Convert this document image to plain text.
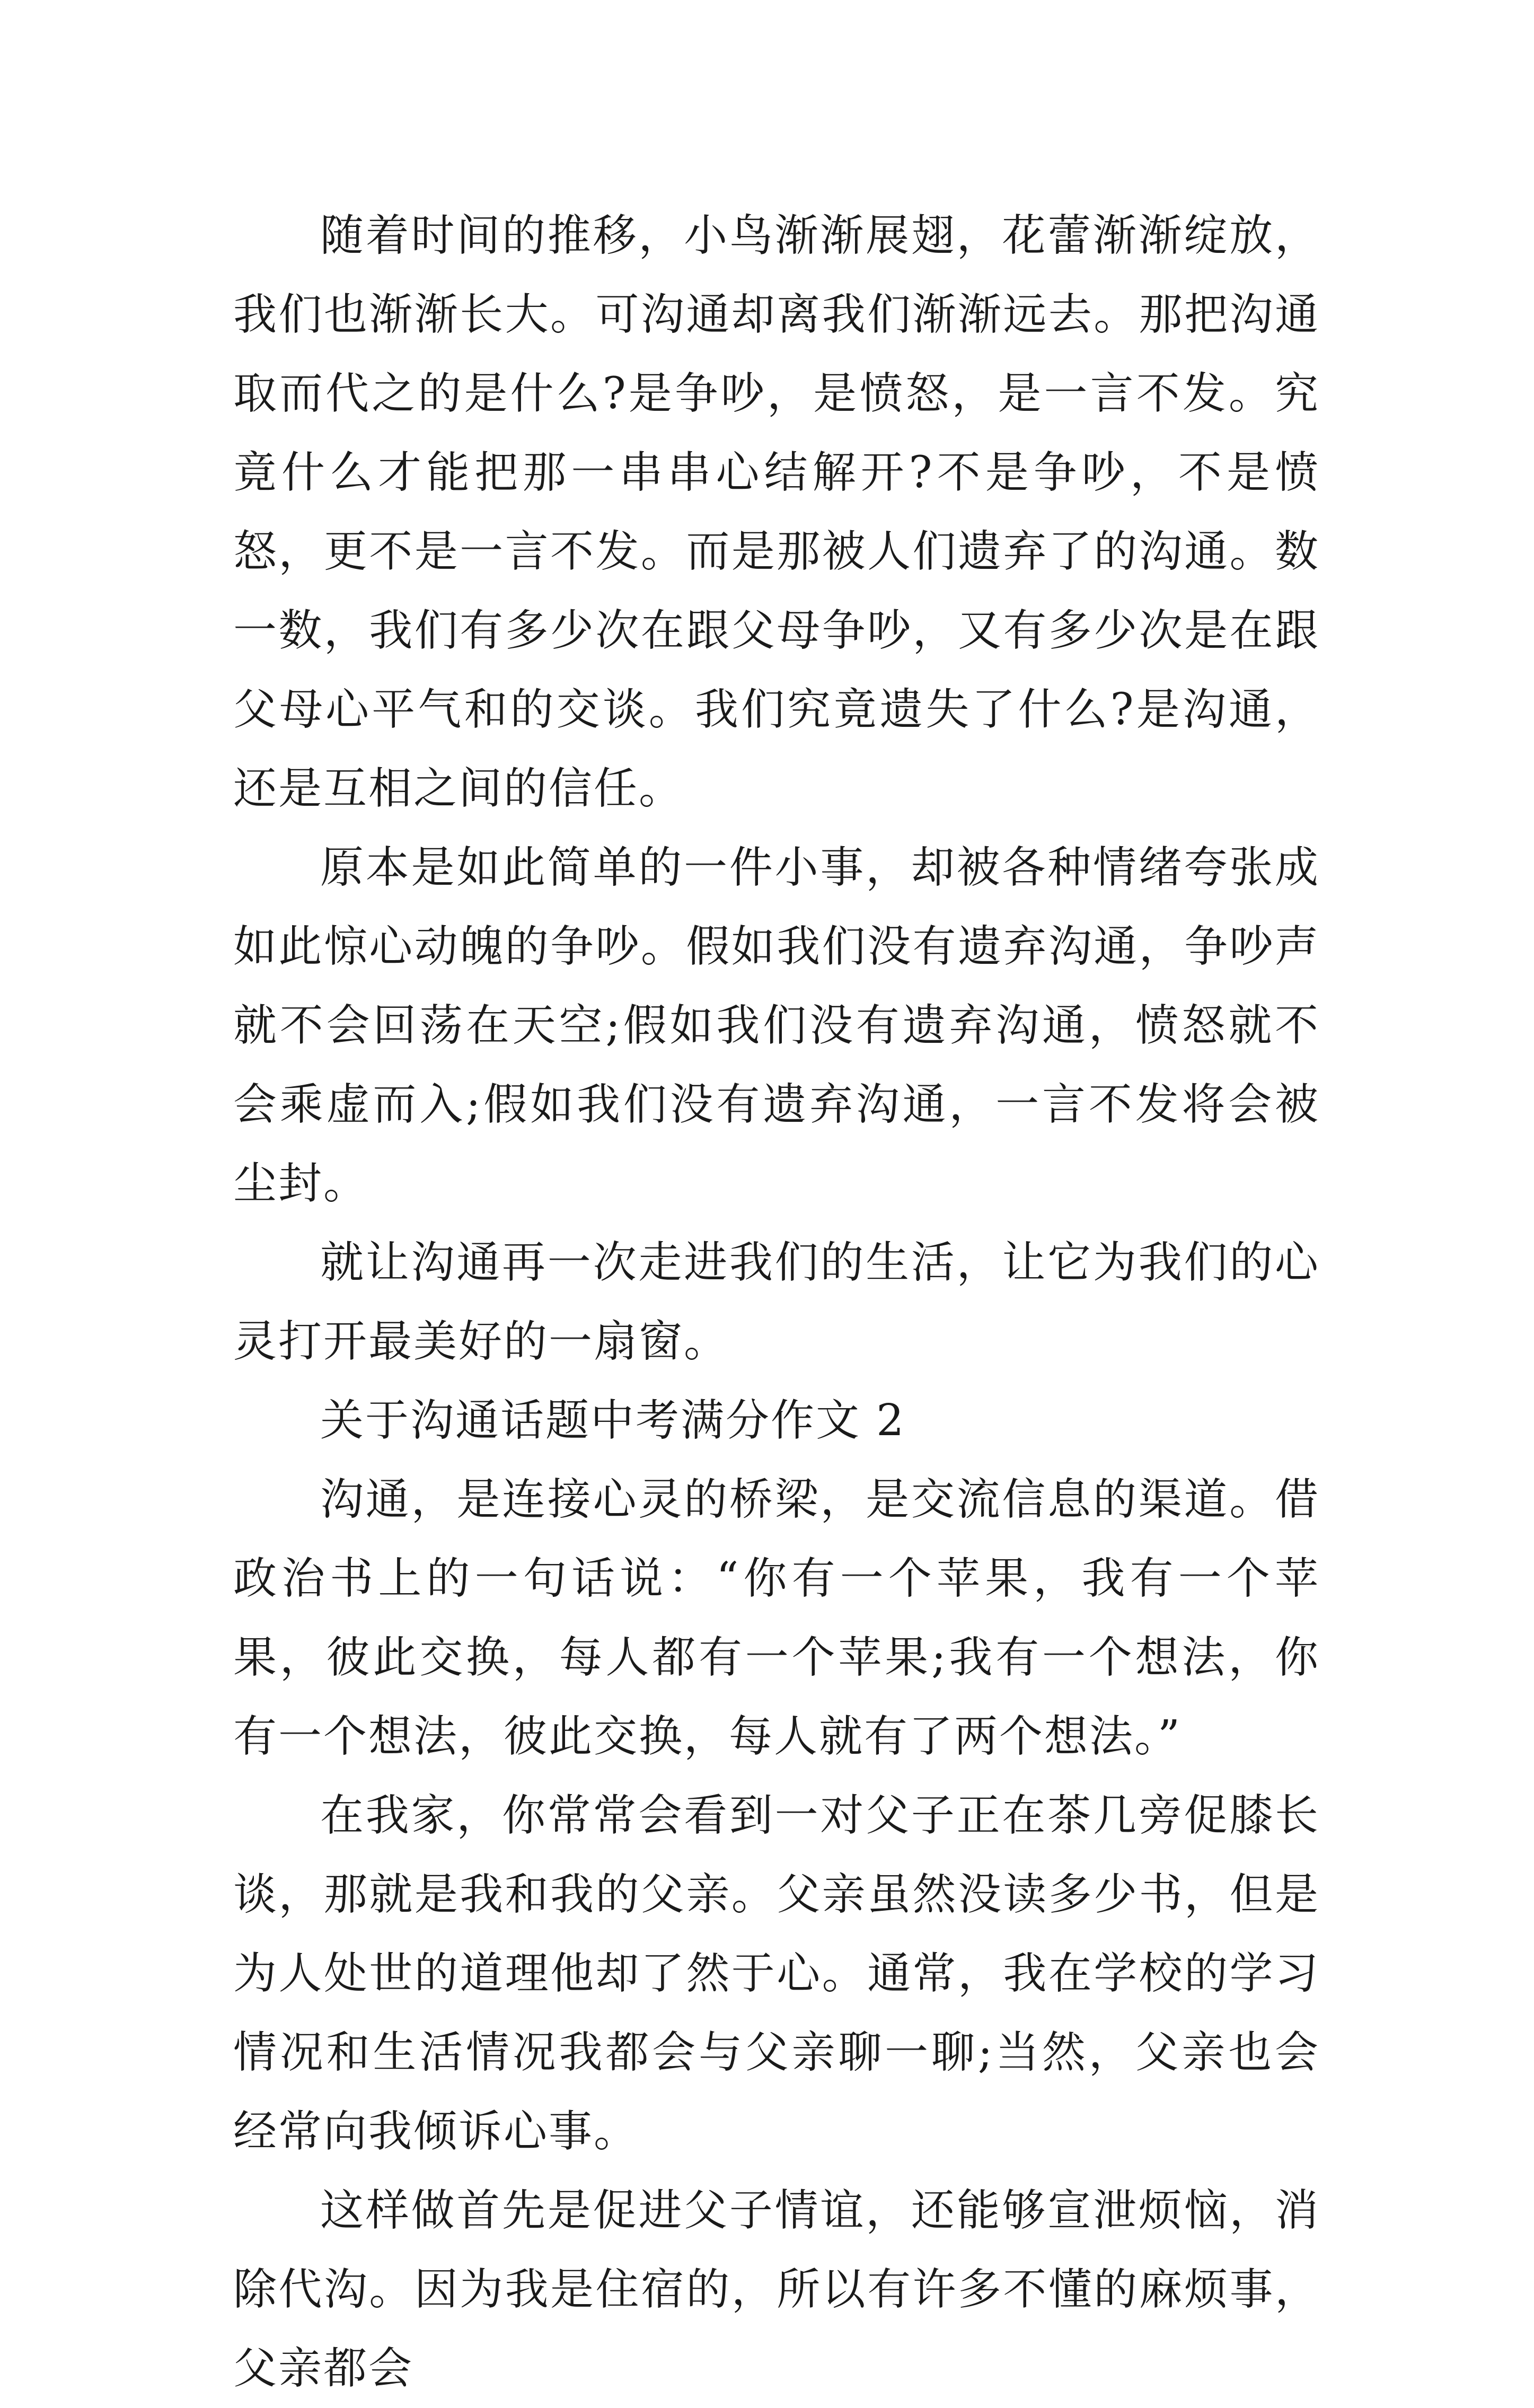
随着时间的推移，小鸟渐渐展翅，花蕾渐渐绽放，我们也渐渐长大。可沟通却离我们渐渐远去。那把沟通取而代之的是什么?是争吵，是愤怒，是一言不发。究竟什么才能把那一串串心结解开?不是争吵，不是愤怒，更不是一言不发。而是那被人们遗弃了的沟通。数一数，我们有多少次在跟父母争吵，又有多少次是在跟父母心平气和的交谈。我们究竟遗失了什么?是沟通，还是互相之间的信任。

原本是如此简单的一件小事，却被各种情绪夸张成如此惊心动魄的争吵。假如我们没有遗弃沟通，争吵声就不会回荡在天空;假如我们没有遗弃沟通，愤怒就不会乘虚而入;假如我们没有遗弃沟通，一言不发将会被尘封。

就让沟通再一次走进我们的生活，让它为我们的心灵打开最美好的一扇窗。

关于沟通话题中考满分作文 2

沟通，是连接心灵的桥梁，是交流信息的渠道。借政治书上的一句话说：“你有一个苹果，我有一个苹果，彼此交换，每人都有一个苹果;我有一个想法，你有一个想法，彼此交换，每人就有了两个想法。”

在我家，你常常会看到一对父子正在茶几旁促膝长谈，那就是我和我的父亲。父亲虽然没读多少书，但是为人处世的道理他却了然于心。通常，我在学校的学习情况和生活情况我都会与父亲聊一聊;当然，父亲也会经常向我倾诉心事。

这样做首先是促进父子情谊，还能够宣泄烦恼，消除代沟。因为我是住宿的，所以有许多不懂的麻烦事，父亲都会
